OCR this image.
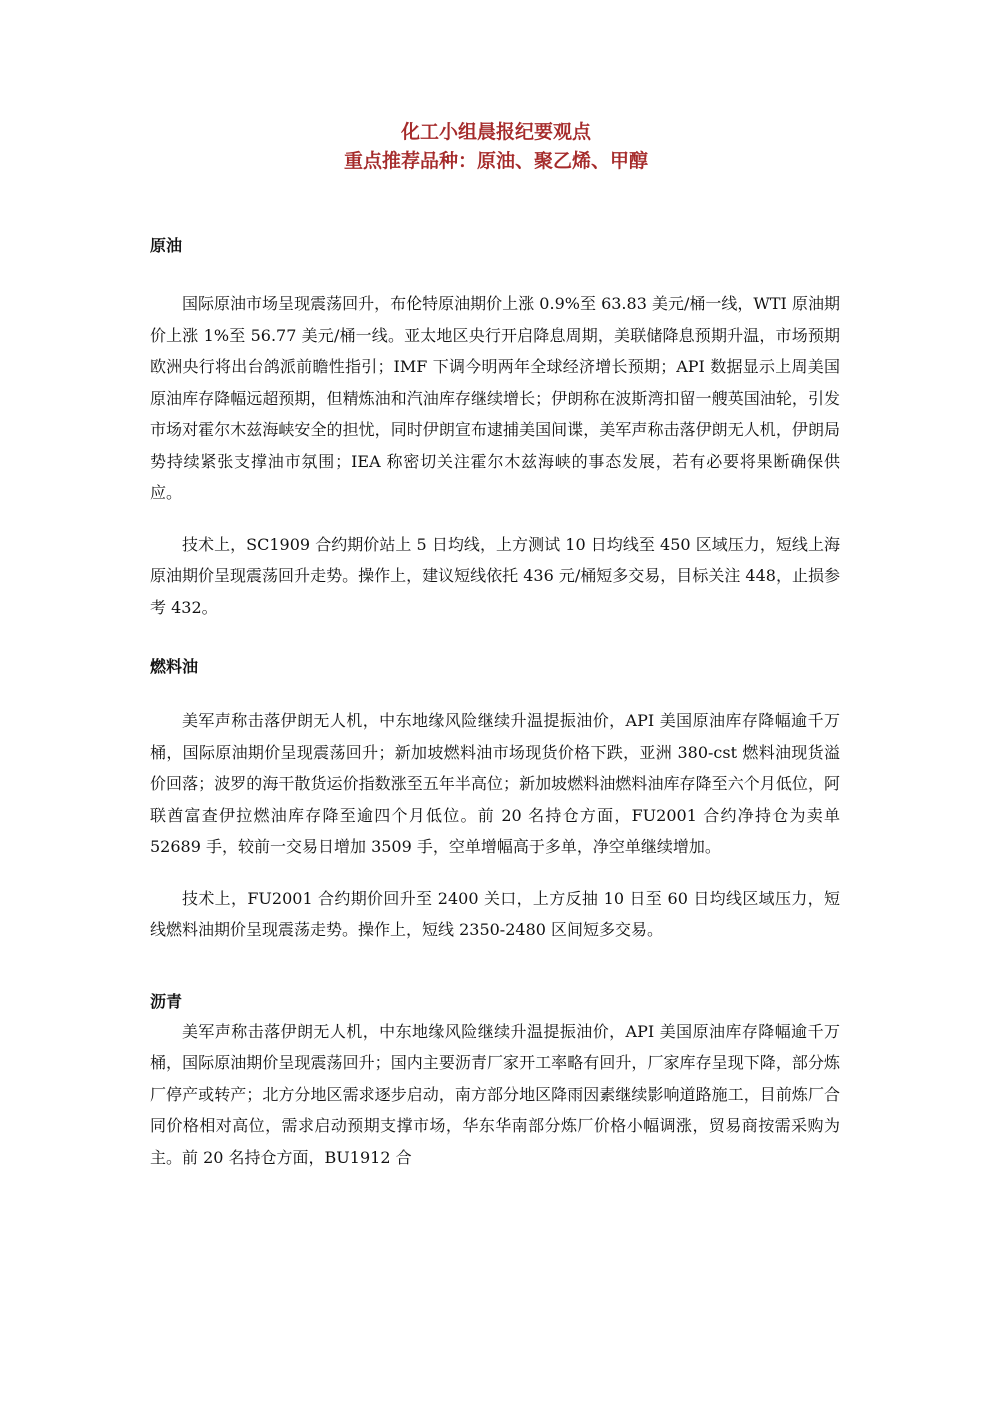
化工小组晨报纪要观点

重点推荐品种：原油、聚乙烯、甲醇

原油

国际原油市场呈现震荡回升，布伦特原油期价上涨 0.9%至 63.83 美元/桶一线，WTI 原油期价上涨 1%至 56.77 美元/桶一线。亚太地区央行开启降息周期，美联储降息预期升温，市场预期欧洲央行将出台鸽派前瞻性指引；IMF 下调今明两年全球经济增长预期；API 数据显示上周美国原油库存降幅远超预期，但精炼油和汽油库存继续增长；伊朗称在波斯湾扣留一艘英国油轮，引发市场对霍尔木兹海峡安全的担忧，同时伊朗宣布逮捕美国间谍，美军声称击落伊朗无人机，伊朗局势持续紧张支撑油市氛围；IEA 称密切关注霍尔木兹海峡的事态发展，若有必要将果断确保供应。

技术上，SC1909 合约期价站上 5 日均线，上方测试 10 日均线至 450 区域压力，短线上海原油期价呈现震荡回升走势。操作上，建议短线依托 436 元/桶短多交易，目标关注 448，止损参考 432。

燃料油

美军声称击落伊朗无人机，中东地缘风险继续升温提振油价，API 美国原油库存降幅逾千万桶，国际原油期价呈现震荡回升；新加坡燃料油市场现货价格下跌，亚洲 380-cst 燃料油现货溢价回落；波罗的海干散货运价指数涨至五年半高位；新加坡燃料油燃料油库存降至六个月低位，阿联酋富查伊拉燃油库存降至逾四个月低位。前 20 名持仓方面，FU2001 合约净持仓为卖单 52689 手，较前一交易日增加 3509 手，空单增幅高于多单，净空单继续增加。

技术上，FU2001 合约期价回升至 2400 关口，上方反抽 10 日至 60 日均线区域压力，短线燃料油期价呈现震荡走势。操作上，短线 2350-2480 区间短多交易。

沥青

美军声称击落伊朗无人机，中东地缘风险继续升温提振油价，API 美国原油库存降幅逾千万桶，国际原油期价呈现震荡回升；国内主要沥青厂家开工率略有回升，厂家库存呈现下降，部分炼厂停产或转产；北方分地区需求逐步启动，南方部分地区降雨因素继续影响道路施工，目前炼厂合同价格相对高位，需求启动预期支撑市场，华东华南部分炼厂价格小幅调涨，贸易商按需采购为主。前 20 名持仓方面，BU1912 合
